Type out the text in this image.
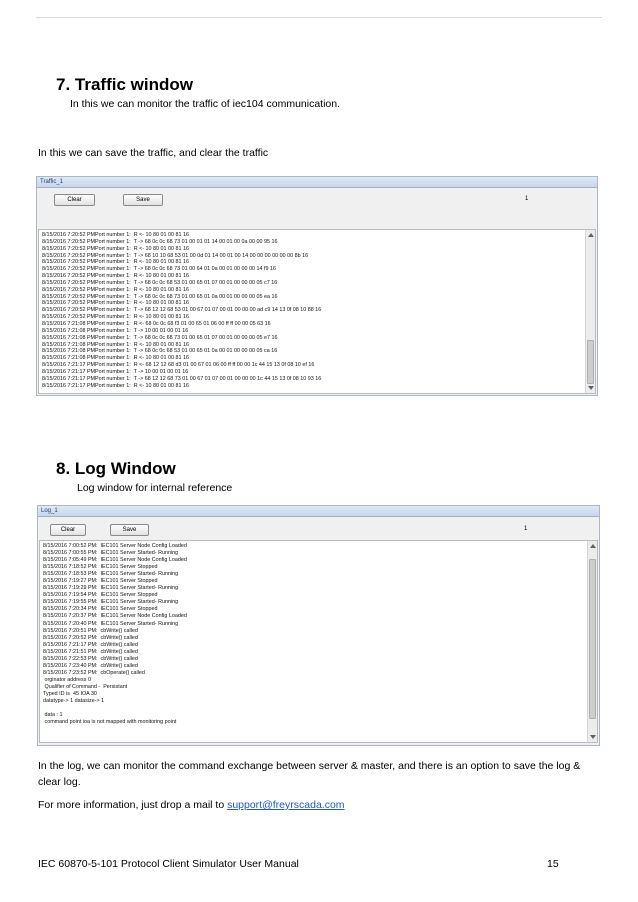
7. Traffic window
In this we can monitor the traffic of iec104 communication.
In this we can save the traffic, and clear the traffic
Traffic_1
Clear	Save	1
8/15/2016 7:20:52 PMPort number 1:  R <- 10 80 01 00 81 16
8/15/2016 7:20:52 PMPort number 1:  T -> 68 0c 0c 68 73 01 00 01 01 14 00 01 00 0a 00 00 95 16
8/15/2016 7:20:52 PMPort number 1:  R <- 10 80 01 00 81 16
8/15/2016 7:20:52 PMPort number 1:  T -> 68 10 10 68 53 01 00 0d 01 14 00 01 00 14 00 00 00 00 00 00 8b 16
8/15/2016 7:20:52 PMPort number 1:  R <- 10 80 01 00 81 16
8/15/2016 7:20:52 PMPort number 1:  T -> 68 0c 0c 68 73 01 00 64 01 0a 00 01 00 00 00 14 f9 16
8/15/2016 7:20:52 PMPort number 1:  R <- 10 80 01 00 81 16
8/15/2016 7:20:52 PMPort number 1:  T -> 68 0c 0c 68 53 01 00 65 01 07 00 01 00 00 00 05 c7 16
8/15/2016 7:20:52 PMPort number 1:  R <- 10 80 01 00 81 16
8/15/2016 7:20:52 PMPort number 1:  T -> 68 0c 0c 68 73 01 00 65 01 0a 00 01 00 00 00 05 ea 16
8/15/2016 7:20:52 PMPort number 1:  R <- 10 80 01 00 81 16
8/15/2016 7:20:52 PMPort number 1:  T -> 68 12 12 68 53 01 00 67 01 07 00 01 00 00 00 ad c9 14 13 0f 08 10 88 16
8/15/2016 7:20:52 PMPort number 1:  R <- 10 80 01 00 81 16
8/15/2016 7:21:08 PMPort number 1:  R <- 68 0c 0c 68 f3 01 00 65 01 06 00 ff ff 00 00 05 63 16
8/15/2016 7:21:08 PMPort number 1:  T -> 10 00 01 00 01 16
8/15/2016 7:21:08 PMPort number 1:  T -> 68 0c 0c 68 73 01 00 65 01 07 00 01 00 00 00 05 e7 16
8/15/2016 7:21:08 PMPort number 1:  R <- 10 80 01 00 81 16
8/15/2016 7:21:08 PMPort number 1:  T -> 68 0c 0c 68 53 01 00 65 01 0a 00 01 00 00 00 05 ca 16
8/15/2016 7:21:08 PMPort number 1:  R <- 10 80 01 00 81 16
8/15/2016 7:21:17 PMPort number 1:  R <- 68 12 12 68 d3 01 00 67 01 06 00 ff ff 00 00 1c 44 15 13 0f 08 10 ef 16
8/15/2016 7:21:17 PMPort number 1:  T -> 10 00 01 00 01 16
8/15/2016 7:21:17 PMPort number 1:  T -> 68 12 12 68 73 01 00 67 01 07 00 01 00 00 00 1c 44 15 13 0f 08 10 93 16
8/15/2016 7:21:17 PMPort number 1:  R <- 10 80 01 00 81 16
8. Log Window
Log window for internal reference
Log_1
Clear	Save	1
8/15/2016 7:00:52 PM:  IEC101 Server Node Config Loaded
8/15/2016 7:00:55 PM:  IEC101 Server Started- Running
8/15/2016 7:05:49 PM:  IEC101 Server Node Config Loaded
8/15/2016 7:18:52 PM:  IEC101 Server Stopped
8/15/2016 7:18:53 PM:  IEC101 Server Started- Running
8/15/2016 7:19:27 PM:  IEC101 Server Stopped
8/15/2016 7:19:29 PM:  IEC101 Server Started- Running
8/15/2016 7:19:54 PM:  IEC101 Server Stopped
8/15/2016 7:19:55 PM:  IEC101 Server Started- Running
8/15/2016 7:20:34 PM:  IEC101 Server Stopped
8/15/2016 7:20:37 PM:  IEC101 Server Node Config Loaded
8/15/2016 7:20:40 PM:  IEC101 Server Started- Running
8/15/2016 7:20:51 PM:  cbWrite() called
8/15/2016 7:20:52 PM:  cbWrite() called
8/15/2016 7:21:17 PM:  cbWrite() called
8/15/2016 7:21:51 PM:  cbWrite() called
8/15/2016 7:22:53 PM:  cbWrite() called
8/15/2016 7:23:40 PM:  cbWrite() called
8/15/2016 7:23:52 PM:  cbOperate() called
orginator address 0
Qualifier of Command -  Persistant
Typed ID is  45 IOA 30
datatype-> 1 datasize-> 1

data : 1
command point ioa is not mapped with monitoring point
In the log, we can monitor the command exchange between server & master, and there is an option to save the log & clear log.
For more information, just drop a mail to support@freyrscada.com
IEC 60870-5-101 Protocol Client Simulator User Manual	15
